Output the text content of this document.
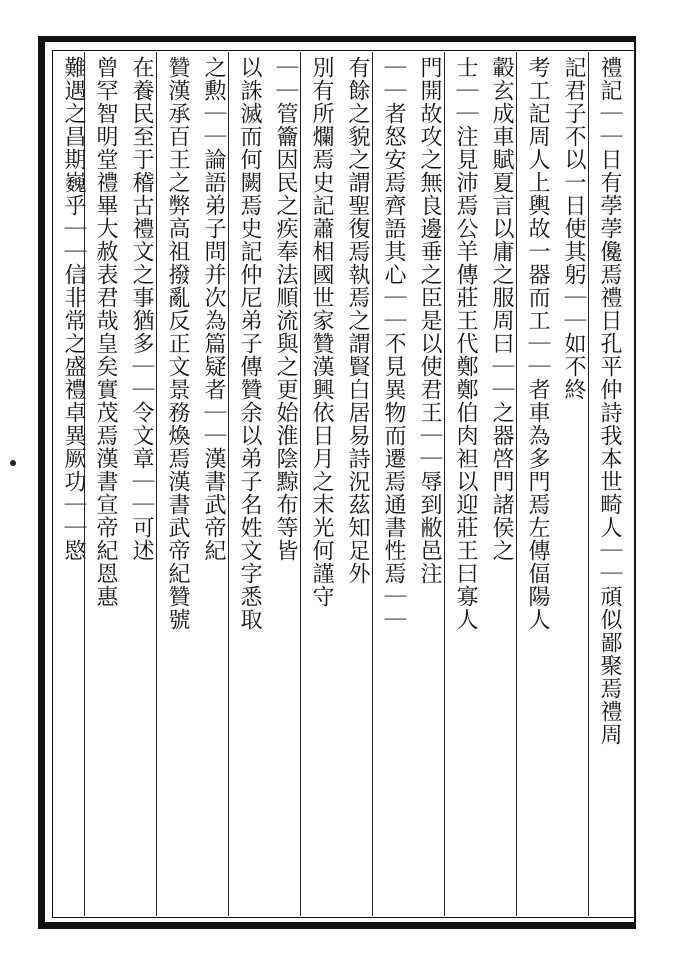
禮記｜｜日有荸荸儳焉禮日孔平仲詩我本世畸人｜｜頑似鄙聚焉禮周
記君子不以一日使其躬｜｜如不終
考工記周人上輿故一器而工｜｜者車為多門焉左傳偪陽人
轂玄成車賦夏言以庸之服周曰｜｜之器啓門諸侯之
士｜｜注見沛焉公羊傳莊王代鄭鄭伯肉袒以迎莊王曰寡人
門開故攻之無良邊垂之臣是以使君王｜｜辱到敝邑注
｜｜者怒安焉齊語其心｜｜不見異物而遷焉通書性焉｜｜
有餘之貌之謂聖復焉執焉之謂賢白居易詩況茲知足外
別有所爛焉史記蕭相國世家贊漢興依日月之末光何謹守
｜｜管籥因民之疾奉法順流與之更始淮陰黥布等皆
以誅滅而何闕焉史記仲尼弟子傳贊余以弟子名姓文字悉取
之勲｜｜論語弟子問并次為篇疑者｜｜漢書武帝紀
贊漢承百王之弊高祖撥亂反正文景務煥焉漢書武帝紀贊號
在養民至于稽古禮文之事猶多｜｜令文章｜｜可述
曾罕智明堂禮畢大赦表君哉皇矣實茂焉漢書宣帝紀恩惠
難遇之昌期巍乎｜｜信非常之盛禮卓異厥功｜｜愍
